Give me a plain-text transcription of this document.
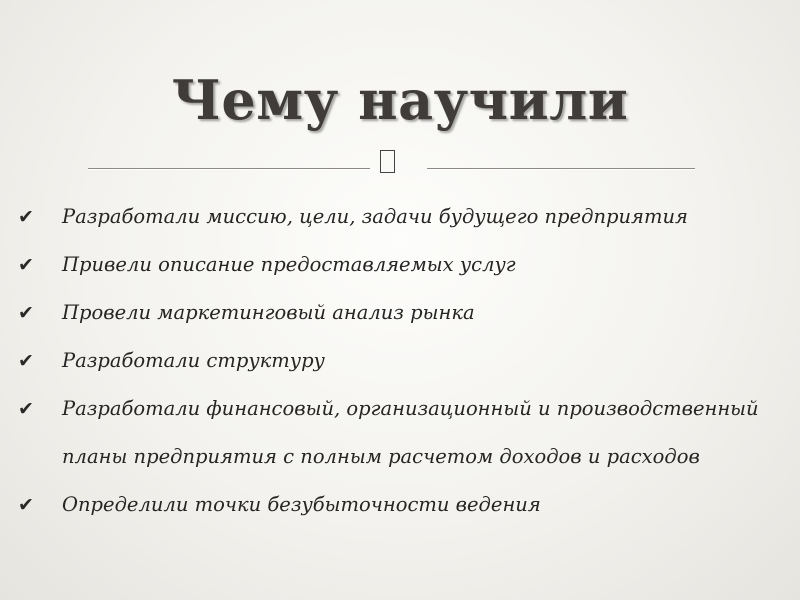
Чему научили
✔	Разработали миссию, цели, задачи будущего предприятия
✔	Привели описание предоставляемых услуг
✔	Провели маркетинговый анализ рынка
✔	Разработали структуру
✔	Разработали финансовый, организационный и производственный планы предприятия с полным расчетом доходов и расходов
✔	Определили точки безубыточности ведения
